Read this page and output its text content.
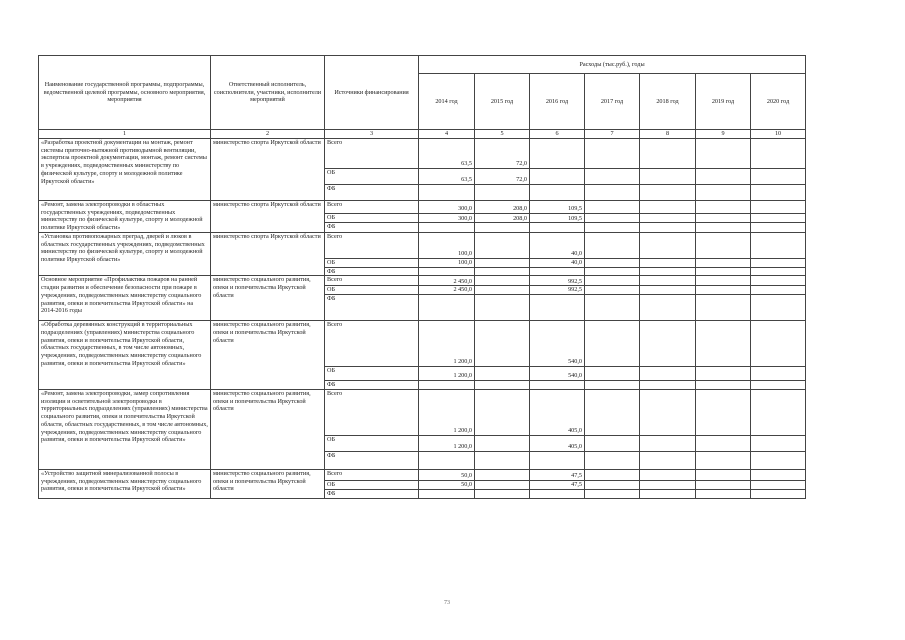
Наименование государственной программы, подпрограммы, ведомственной целевой программы, основного мероприятия, мероприятия	Ответственный исполнитель, соисполнители, участники, исполнители мероприятий	Источники финансирования	Расходы (тыс.руб.), годы						
			2014 год	2015 год	2016 год	2017 год	2018 год	2019 год	2020 год
1	2	3	4	5	6	7	8	9	10
«Разработка проектной документации на монтаж, ремонт системы приточно-вытяжной противодымной вентиляции, экспертиза проектной документации, монтаж, ремонт системы в учреждениях, подведомственных министерству по физической культуре, спорту и молодежной политике Иркутской области»	министерство спорта Иркутской области	Всего	63,5	72,0					
		ОБ	63,5	72,0					
		ФБ							
«Ремонт, замена электропроводки в областных государственных учреждениях, подведомственных министерству по физической культуре, спорту и молодежной политике Иркутской области»	министерство спорта Иркутской области	Всего	300,0	208,0	109,5				
		ОБ	300,0	208,0	109,5				
		ФБ							
«Установка противопожарных преград, дверей и люков в областных государственных учреждениях, подведомственных министерству по физической культуре, спорту и молодежной политике Иркутской области»	министерство спорта Иркутской области	Всего	100,0		40,0				
		ОБ	100,0		40,0				
		ФБ							
Основное мероприятие «Профилактика пожаров на ранней стадии развития и обеспечение безопасности при пожаре в учреждениях, подведомственных министерству социального развития, опеки и попечительства Иркутской области» на 2014-2016 годы	министерство социального развития, опеки и попечительства Иркутской области	Всего	2 450,0		992,5				
		ОБ	2 450,0		992,5				
		ФБ							
«Обработка деревянных конструкций в территориальных подразделениях (управлениях) министерства социального развития, опеки и попечительства Иркутской области, областных государственных, в том числе автономных, учреждениях, подведомственных министерству социального развития, опеки и попечительства Иркутской области»	министерство социального развития, опеки и попечительства Иркутской области	Всего	1 200,0		540,0				
		ОБ	1 200,0		540,0				
		ФБ							
«Ремонт, замена электропроводки, замер сопротивления изоляции и осветительной электропроводки в территориальных подразделениях (управлениях) министерства социального развития, опеки и попечительства Иркутской области, областных государственных, в том числе автономных, учреждениях, подведомственных министерству социального развития, опеки и попечительства Иркутской области»	министерство социального развития, опеки и попечительства Иркутской области	Всего	1 200,0		405,0				
		ОБ	1 200,0		405,0				
		ФБ							
«Устройство защитной минерализованной полосы в учреждениях, подведомственных министерству социального развития, опеки и попечительства Иркутской области»	министерство социального развития, опеки и попечительства Иркутской области	Всего	50,0		47,5				
		ОБ	50,0		47,5				
		ФБ							
73
